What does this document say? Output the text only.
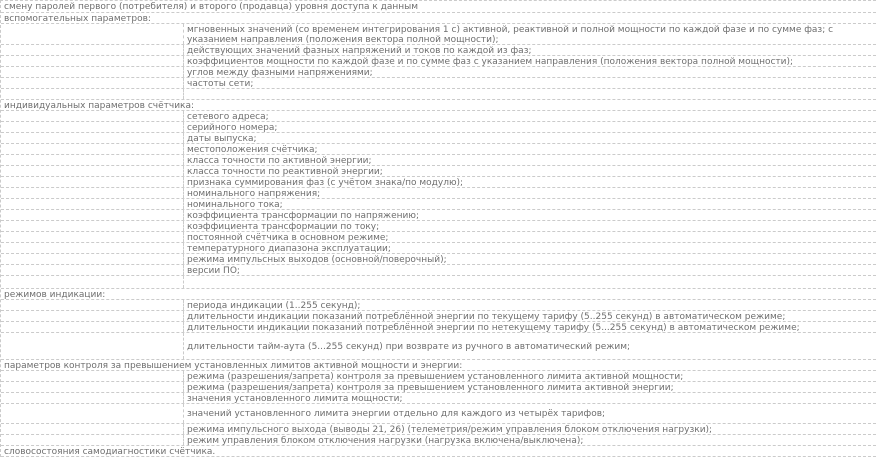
смену паролей первого (потребителя) и второго (продавца) уровня доступа к данным
вспомогательных параметров:
мгновенных значений (со временем интегрирования 1 с) активной, реактивной и полной мощности по каждой фазе и по сумме фаз; с указанием направления (положения вектора полной мощности);
действующих значений фазных напряжений и токов по каждой из фаз;
коэффициентов мощности по каждой фазе и по сумме фаз с указанием направления (положения вектора полной мощности);
углов между фазными напряжениями;
частоты сети;
индивидуальных параметров счётчика:
сетевого адреса;
серийного номера;
даты выпуска;
местоположения счётчика;
класса точности по активной энергии;
класса точности по реактивной энергии;
признака суммирования фаз (с учётом знака/по модулю);
номинального напряжения;
номинального тока;
коэффициента трансформации по напряжению;
коэффициента трансформации по току;
постоянной счётчика в основном режиме;
температурного диапазона эксплуатации;
режима импульсных выходов (основной/поверочный);
версии ПО;
режимов индикации:
периода индикации (1..255 секунд);
длительности индикации показаний потреблённой энергии по текущему тарифу (5..255 секунд) в автоматическом режиме;
длительности индикации показаний потреблённой энергии по нетекущему тарифу (5...255 секунд) в автоматическом режиме;
длительности тайм-аута (5...255 секунд) при возврате из ручного в автоматический режим;
параметров контроля за превышением установленных лимитов активной мощности и энергии:
режима (разрешения/запрета) контроля за превышением установленного лимита активной мощности;
режима (разрешения/запрета) контроля за превышением установленного лимита активной энергии;
значения установленного лимита мощности;
значений установленного лимита энергии отдельно для каждого из четырёх тарифов;
режима импульсного выхода (выводы 21, 26) (телеметрия/режим управления блоком отключения нагрузки);
режим управления блоком отключения нагрузки (нагрузка включена/выключена);
словосостояния самодиагностики счётчика.
